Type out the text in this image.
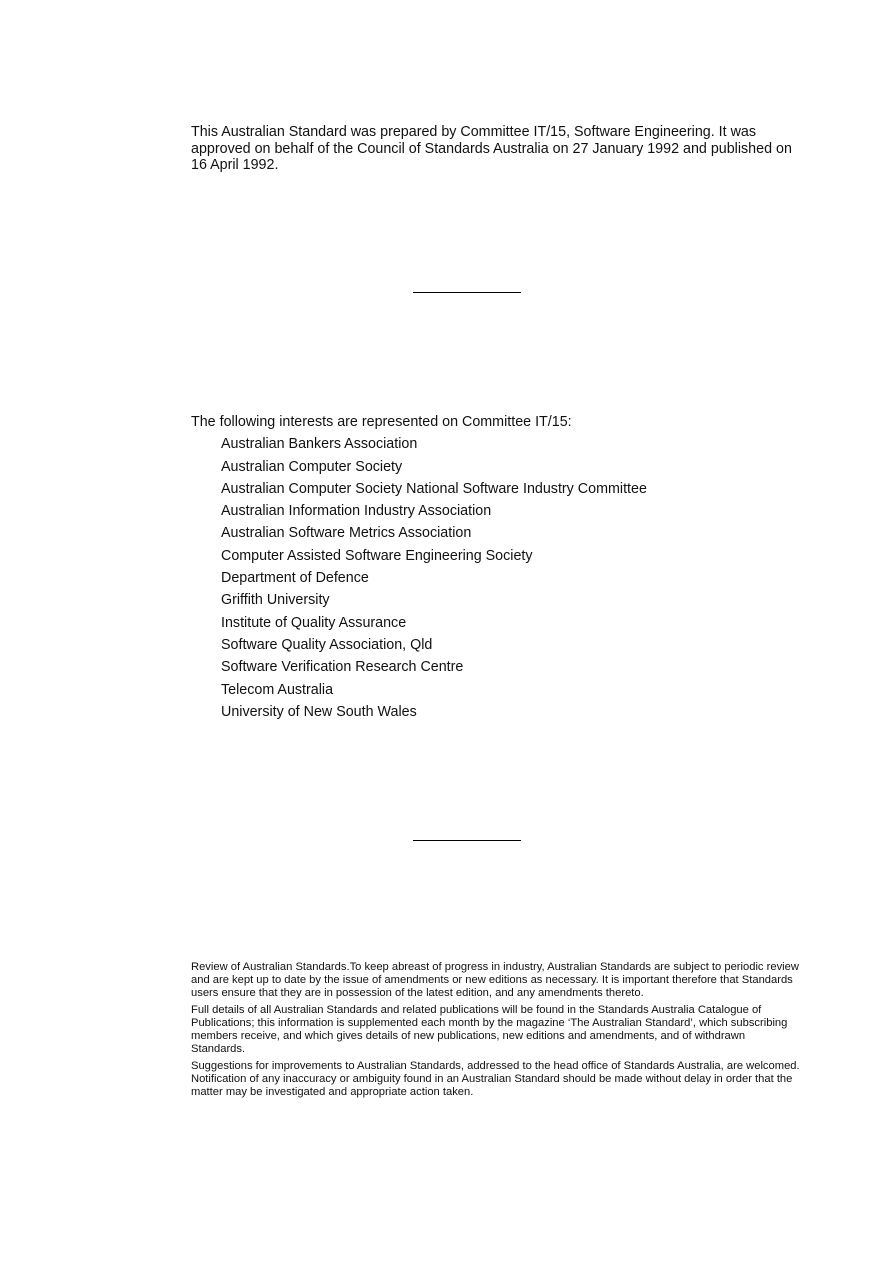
This Australian Standard was prepared by Committee IT/15, Software Engineering. It was approved on behalf of the Council of Standards Australia on 27 January 1992 and published on 16 April 1992.

The following interests are represented on Committee IT/15:

Australian Bankers Association
Australian Computer Society
Australian Computer Society National Software Industry Committee
Australian Information Industry Association
Australian Software Metrics Association
Computer Assisted Software Engineering Society
Department of Defence
Griffith University
Institute of Quality Assurance
Software Quality Association, Qld
Software Verification Research Centre
Telecom Australia
University of New South Wales

Review of Australian Standards.To keep abreast of progress in industry, Australian Standards are subject to periodic review and are kept up to date by the issue of amendments or new editions as necessary. It is important therefore that Standards users ensure that they are in possession of the latest edition, and any amendments thereto.

Full details of all Australian Standards and related publications will be found in the Standards Australia Catalogue of Publications; this information is supplemented each month by the magazine ‘The Australian Standard’, which subscribing members receive, and which gives details of new publications, new editions and amendments, and of withdrawn Standards.

Suggestions for improvements to Australian Standards, addressed to the head office of Standards Australia, are welcomed. Notification of any inaccuracy or ambiguity found in an Australian Standard should be made without delay in order that the matter may be investigated and appropriate action taken.
